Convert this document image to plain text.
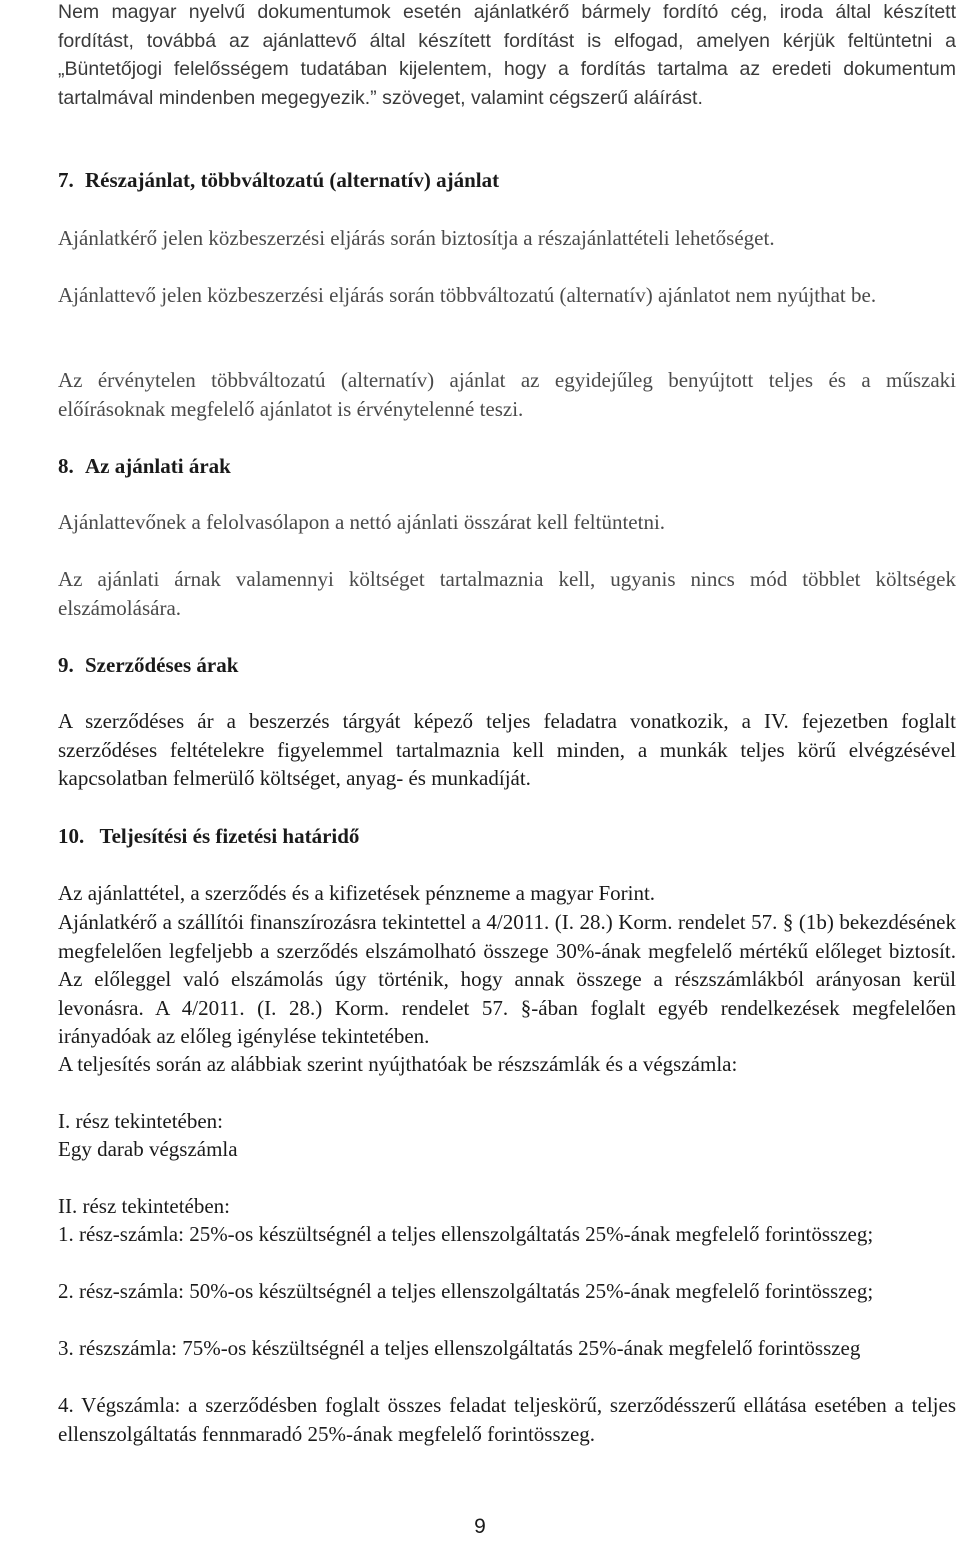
Nem magyar nyelvű dokumentumok esetén ajánlatkérő bármely fordító cég, iroda által készített fordítást, továbbá az ajánlattevő által készített fordítást is elfogad, amelyen kérjük feltüntetni a „Büntetőjogi felelősségem tudatában kijelentem, hogy a fordítás tartalma az eredeti dokumentum tartalmával mindenben megegyezik.” szöveget, valamint cégszerű aláírást.
7. Részajánlat, többváltozatú (alternatív) ajánlat
Ajánlatkérő jelen közbeszerzési eljárás során biztosítja a részajánlattételi lehetőséget.
Ajánlattevő jelen közbeszerzési eljárás során többváltozatú (alternatív) ajánlatot nem nyújthat be.
Az érvénytelen többváltozatú (alternatív) ajánlat az egyidejűleg benyújtott teljes és a műszaki előírásoknak megfelelő ajánlatot is érvénytelenné teszi.
8. Az ajánlati árak
Ajánlattevőnek a felolvasólapon a nettó ajánlati összárat kell feltüntetni.
Az ajánlati árnak valamennyi költséget tartalmaznia kell, ugyanis nincs mód többlet költségek elszámolására.
9. Szerződéses árak
A szerződéses ár a beszerzés tárgyát képező teljes feladatra vonatkozik, a IV. fejezetben foglalt szerződéses feltételekre figyelemmel tartalmaznia kell minden, a munkák teljes körű elvégzésével kapcsolatban felmerülő költséget, anyag- és munkadíját.
10. Teljesítési és fizetési határidő
Az ajánlattétel, a szerződés és a kifizetések pénzneme a magyar Forint.
Ajánlatkérő a szállítói finanszírozásra tekintettel a 4/2011. (I. 28.) Korm. rendelet 57. § (1b) bekezdésének megfelelően legfeljebb a szerződés elszámolható összege 30%-ának megfelelő mértékű előleget biztosít. Az előleggel való elszámolás úgy történik, hogy annak összege a részszámlákból arányosan kerül levonásra. A 4/2011. (I. 28.) Korm. rendelet 57. §-ában foglalt egyéb rendelkezések megfelelően irányadóak az előleg igénylése tekintetében.
A teljesítés során az alábbiak szerint nyújthatóak be részszámlák és a végszámla:
I. rész tekintetében:
Egy darab végszámla
II. rész tekintetében:
1. rész-számla: 25%-os készültségnél a teljes ellenszolgáltatás 25%-ának megfelelő forintösszeg;
2. rész-számla: 50%-os készültségnél a teljes ellenszolgáltatás 25%-ának megfelelő forintösszeg;
3. részszámla: 75%-os készültségnél a teljes ellenszolgáltatás 25%-ának megfelelő forintösszeg
4. Végszámla: a szerződésben foglalt összes feladat teljeskörű, szerződésszerű ellátása esetében a teljes ellenszolgáltatás fennmaradó 25%-ának megfelelő forintösszeg.
9
